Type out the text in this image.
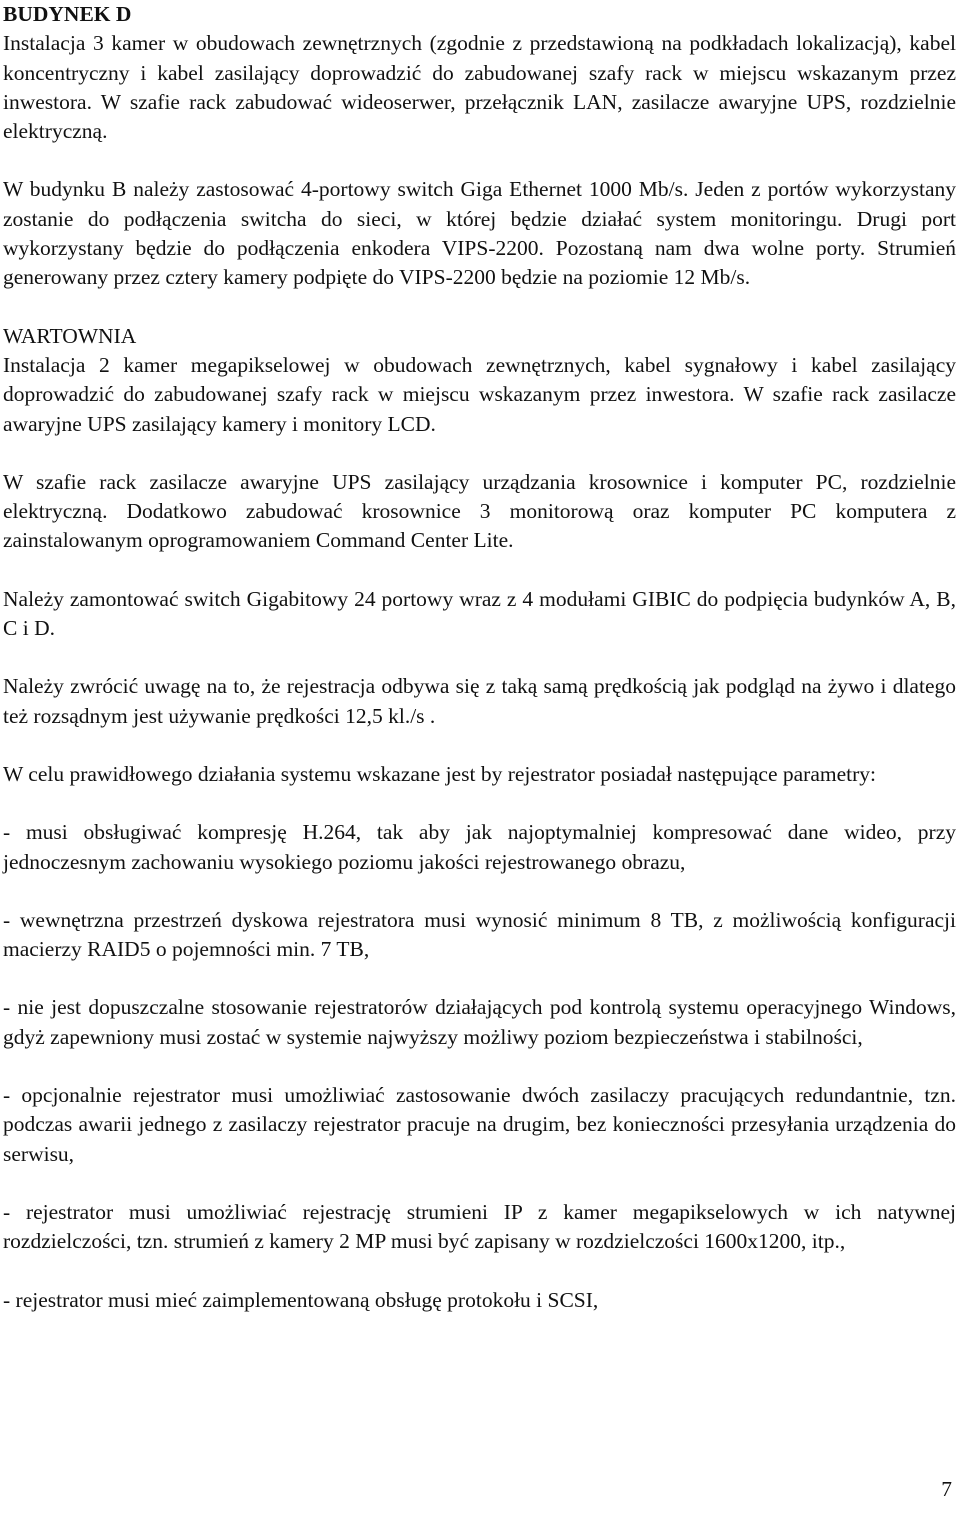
BUDYNEK D

Instalacja 3 kamer w obudowach zewnętrznych (zgodnie z przedstawioną na podkładach lokalizacją), kabel koncentryczny i kabel zasilający doprowadzić do zabudowanej szafy rack w miejscu wskazanym przez inwestora. W szafie rack zabudować wideoserwer, przełącznik LAN, zasilacze awaryjne UPS, rozdzielnie elektryczną.

W budynku B należy zastosować 4-portowy switch Giga Ethernet 1000 Mb/s. Jeden z portów wykorzystany zostanie do podłączenia switcha do sieci, w której będzie działać system monitoringu. Drugi port wykorzystany będzie do podłączenia enkodera VIPS-2200. Pozostaną nam dwa wolne porty. Strumień generowany przez cztery kamery podpięte do VIPS-2200 będzie na poziomie 12 Mb/s.

WARTOWNIA

Instalacja 2 kamer megapikselowej w obudowach zewnętrznych, kabel sygnałowy i kabel zasilający doprowadzić do zabudowanej szafy rack w miejscu wskazanym przez inwestora. W szafie rack zasilacze awaryjne UPS zasilający kamery i monitory LCD.

W szafie rack zasilacze awaryjne UPS zasilający urządzania krosownice i komputer PC, rozdzielnie elektryczną. Dodatkowo zabudować krosownice 3 monitorową oraz komputer PC komputera z zainstalowanym oprogramowaniem Command Center Lite.

Należy zamontować switch Gigabitowy 24 portowy wraz z 4 modułami GIBIC do podpięcia budynków A, B, C i D.

Należy zwrócić uwagę na to, że rejestracja odbywa się z taką samą prędkością jak podgląd na żywo i dlatego też rozsądnym jest używanie prędkości 12,5 kl./s .

W celu prawidłowego działania systemu wskazane jest by rejestrator posiadał następujące parametry:

- musi obsługiwać kompresję H.264, tak aby jak najoptymalniej kompresować dane wideo, przy jednoczesnym zachowaniu wysokiego poziomu jakości rejestrowanego obrazu,

- wewnętrzna przestrzeń dyskowa rejestratora musi wynosić minimum 8 TB, z możliwością konfiguracji macierzy RAID5 o pojemności min. 7 TB,

- nie jest dopuszczalne stosowanie rejestratorów działających pod kontrolą systemu operacyjnego Windows, gdyż zapewniony musi zostać w systemie najwyższy możliwy poziom bezpieczeństwa i stabilności,

- opcjonalnie rejestrator musi umożliwiać zastosowanie dwóch zasilaczy pracujących redundantnie, tzn. podczas awarii jednego z zasilaczy rejestrator pracuje na drugim, bez konieczności przesyłania urządzenia do serwisu,

- rejestrator musi umożliwiać rejestrację strumieni IP z kamer megapikselowych w ich natywnej rozdzielczości, tzn. strumień z kamery 2 MP musi być zapisany w rozdzielczości 1600x1200, itp.,

- rejestrator musi mieć zaimplementowaną obsługę protokołu i SCSI,

7
